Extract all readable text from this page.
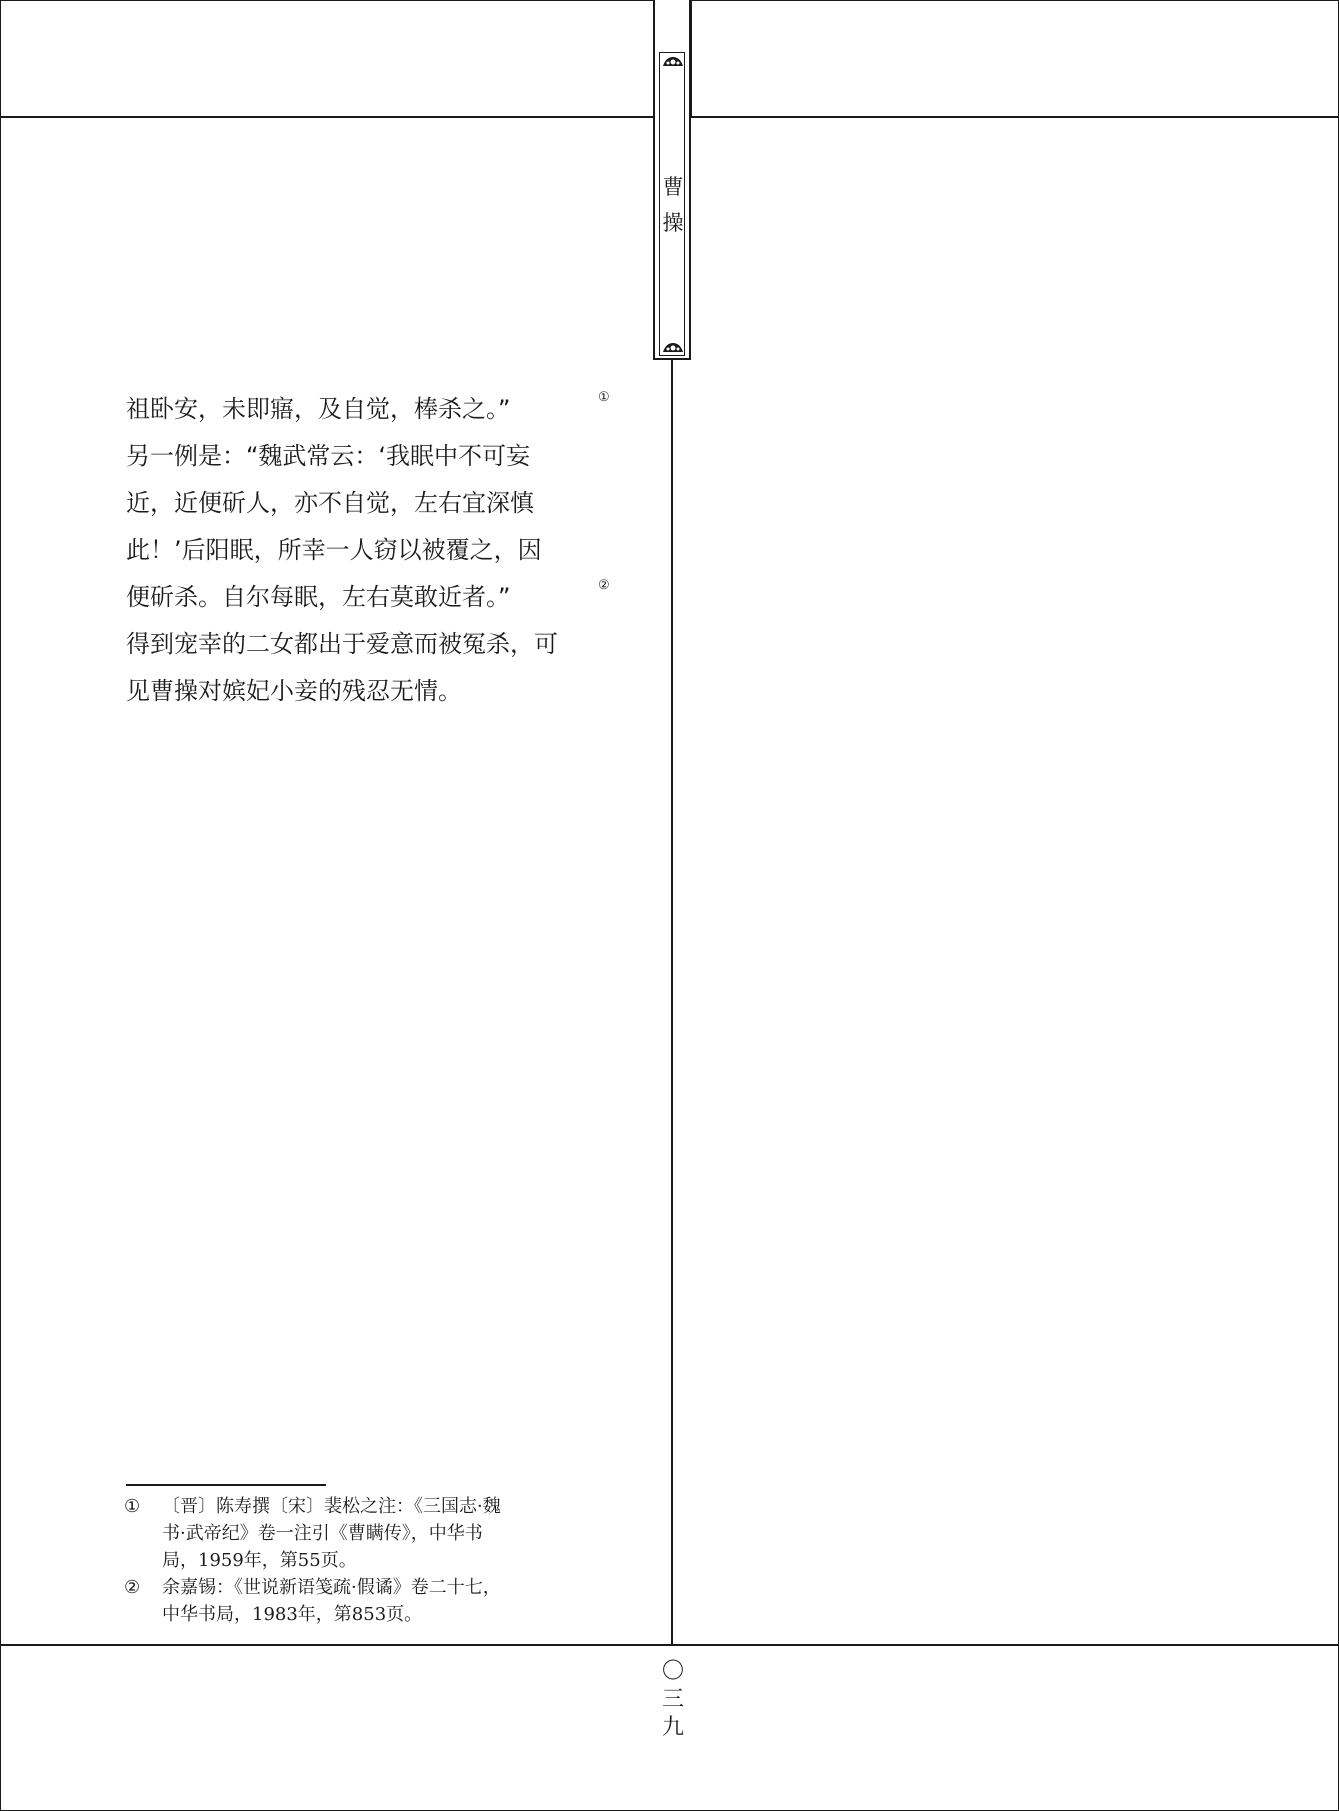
曹
操

祖卧安，未即寤，及自觉，棒杀之。”

另一例是：“魏武常云：‘我眠中不可妄

近，近便斫人，亦不自觉，左右宜深慎

此！’后阳眠，所幸一人窃以被覆之，因

便斫杀。自尔每眠，左右莫敢近者。”

得到宠幸的二女都出于爱意而被冤杀，可

见曹操对嫔妃小妾的残忍无情。

①
②
① 〔晋〕陈寿撰〔宋〕裴松之注：《三国志·魏
书·武帝纪》卷一注引《曹瞒传》，中华书
局，1959年，第55页。
② 余嘉锡：《世说新语笺疏·假谲》卷二十七，
中华书局，1983年，第853页。
〇
三
九
